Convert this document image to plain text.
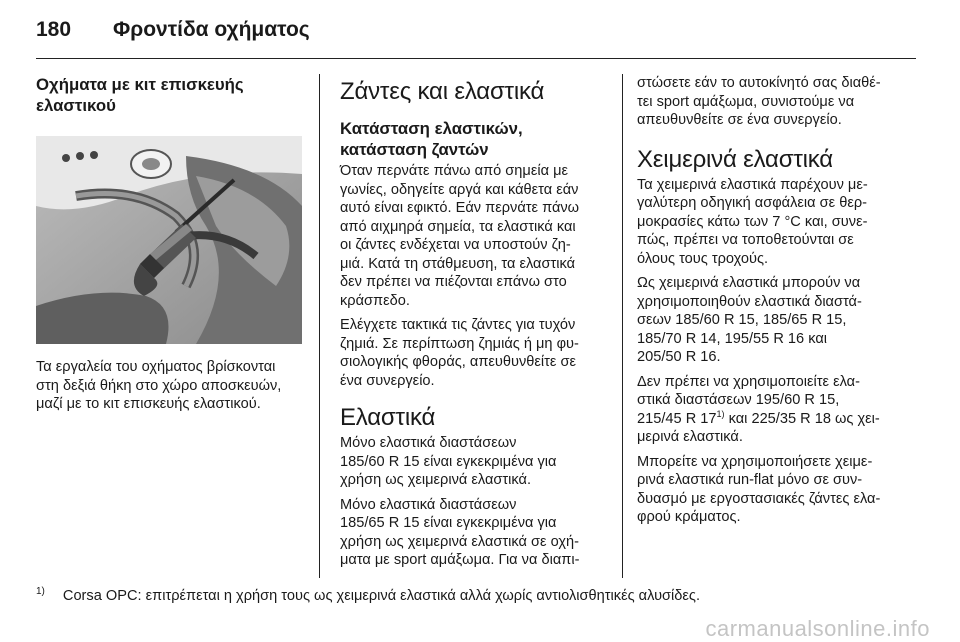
180 Φροντίδα οχήματος
Οχήματα με κιτ επισκευής
ελαστικού

Τα εργαλεία του οχήματος βρίσκονται
στη δεξιά θήκη στο χώρο αποσκευών,
μαζί με το κιτ επισκευής ελαστικού.

Ζάντες και ελαστικά
Κατάσταση ελαστικών,
κατάσταση ζαντών

Όταν περνάτε πάνω από σημεία με
γωνίες, οδηγείτε αργά και κάθετα εάν
αυτό είναι εφικτό. Εάν περνάτε πάνω
από αιχμηρά σημεία, τα ελαστικά και
οι ζάντες ενδέχεται να υποστούν ζη-
μιά. Κατά τη στάθμευση, τα ελαστικά
δεν πρέπει να πιέζονται επάνω στο
κράσπεδο.

Ελέγχετε τακτικά τις ζάντες για τυχόν
ζημιά. Σε περίπτωση ζημιάς ή μη φυ-
σιολογικής φθοράς, απευθυνθείτε σε
ένα συνεργείο.

Ελαστικά

Μόνο ελαστικά διαστάσεων
185/60 R 15 είναι εγκεκριμένα για
χρήση ως χειμερινά ελαστικά.

Μόνο ελαστικά διαστάσεων
185/65 R 15 είναι εγκεκριμένα για
χρήση ως χειμερινά ελαστικά σε οχή-
ματα με sport αμάξωμα. Για να διαπι-

στώσετε εάν το αυτοκίνητό σας διαθέ-
τει sport αμάξωμα, συνιστούμε να
απευθυνθείτε σε ένα συνεργείο.

Χειμερινά ελαστικά

Τα χειμερινά ελαστικά παρέχουν με-
γαλύτερη οδηγική ασφάλεια σε θερ-
μοκρασίες κάτω των 7 °C και, συνε-
πώς, πρέπει να τοποθετούνται σε
όλους τους τροχούς.

Ως χειμερινά ελαστικά μπορούν να
χρησιμοποιηθούν ελαστικά διαστά-
σεων 185/60 R 15, 185/65 R 15,
185/70 R 14, 195/55 R 16 και
205/50 R 16.

Δεν πρέπει να χρησιμοποιείτε ελα-
στικά διαστάσεων 195/60 R 15,
215/45 R 17$^{1)}$ και 225/35 R 18 ως χει-
μερινά ελαστικά.

Μπορείτε να χρησιμοποιήσετε χειμε-
ρινά ελαστικά run-flat μόνο σε συν-
δυασμό με εργοστασιακές ζάντες ελα-
φρού κράματος.

$^{1)}$ Corsa OPC: επιτρέπεται η χρήση τους ως χειμερινά ελαστικά αλλά χωρίς αντιολισθητικές αλυσίδες.
carmanualsonline.info
